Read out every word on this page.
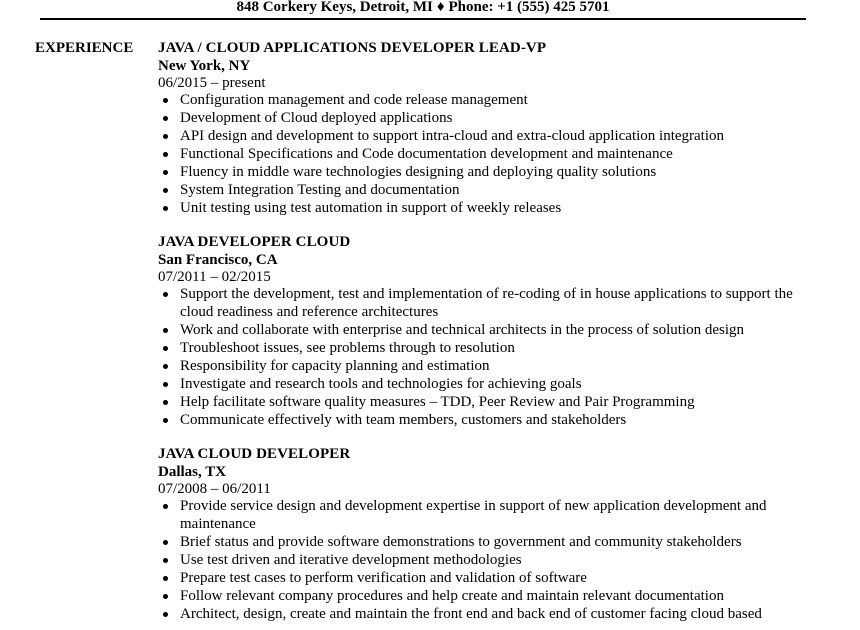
848 Corkery Keys, Detroit, MI ♦ Phone: +1 (555) 425 5701
EXPERIENCE JAVA / CLOUD APPLICATIONS DEVELOPER LEAD-VP
New York, NY
06/2015 – present
Configuration management and code release management
Development of Cloud deployed applications
API design and development to support intra-cloud and extra-cloud application integration
Functional Specifications and Code documentation development and maintenance
Fluency in middle ware technologies designing and deploying quality solutions
System Integration Testing and documentation
Unit testing using test automation in support of weekly releases
JAVA DEVELOPER CLOUD
San Francisco, CA
07/2011 – 02/2015
Support the development, test and implementation of re-coding of in house applications to support the cloud readiness and reference architectures
Work and collaborate with enterprise and technical architects in the process of solution design
Troubleshoot issues, see problems through to resolution
Responsibility for capacity planning and estimation
Investigate and research tools and technologies for achieving goals
Help facilitate software quality measures – TDD, Peer Review and Pair Programming
Communicate effectively with team members, customers and stakeholders
JAVA CLOUD DEVELOPER
Dallas, TX
07/2008 – 06/2011
Provide service design and development expertise in support of new application development and maintenance
Brief status and provide software demonstrations to government and community stakeholders
Use test driven and iterative development methodologies
Prepare test cases to perform verification and validation of software
Follow relevant company procedures and help create and maintain relevant documentation
Architect, design, create and maintain the front end and back end of customer facing cloud based
